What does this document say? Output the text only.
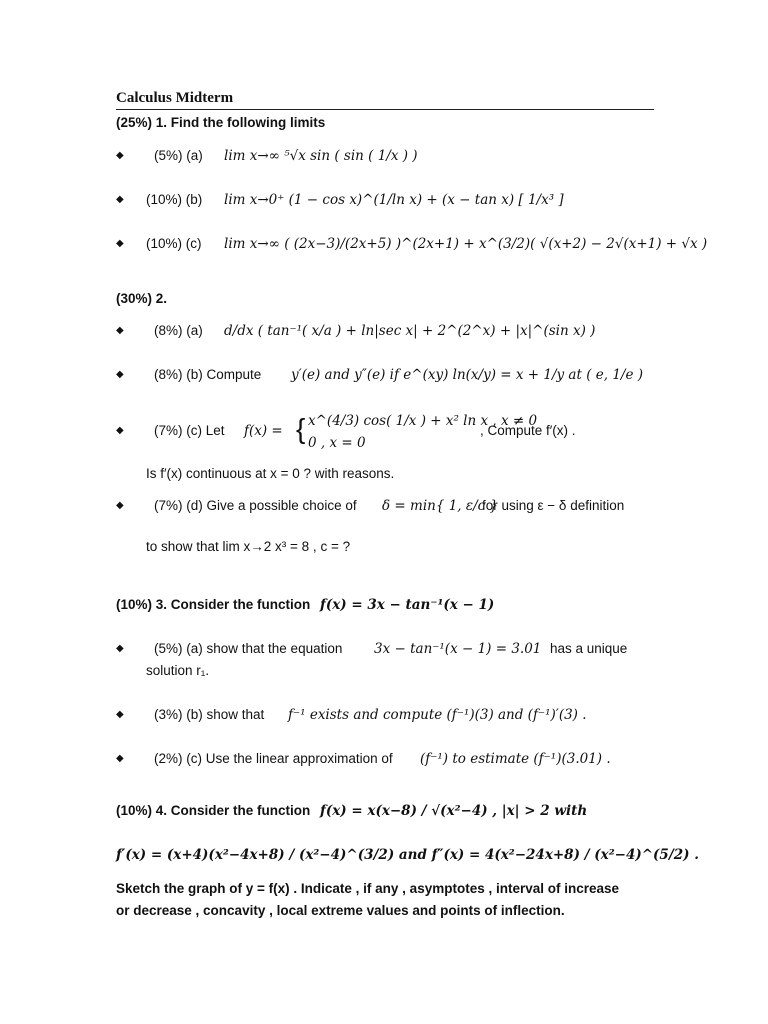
Calculus Midterm
(25%) 1. Find the following limits
◆ (5%) (a) lim x→∞ ⁵√x sin ( sin ( 1/x ) )
◆ (10%) (b) lim x→0⁺ (1 − cos x)^(1/ln x) + (x − tan x) [ 1/x³ ]
◆ (10%) (c) lim x→∞ ( (2x−3)/(2x+5) )^(2x+1) + x^(3/2)( √(x+2) − 2√(x+1) + √x )
(30%) 2.
◆ (8%) (a) d/dx ( tan⁻¹( x/a ) + ln|sec x| + 2^(2^x) + |x|^(sin x) )
◆ (8%) (b) Compute y′(e) and y″(e) if e^(xy) ln(x/y) = x + 1/y at ( e, 1/e )
◆ (7%) (c) Let f(x) = { x^(4/3) cos( 1/x ) + x² ln x , x ≠ 0
0 , x = 0
, Compute f′(x) .
Is f′(x) continuous at x = 0 ? with reasons.
◆ (7%) (d) Give a possible choice of δ = min{ 1, ε/c }
for using ε − δ definition
to show that lim x→2 x³ = 8 , c = ?
(10%) 3. Consider the function f(x) = 3x − tan⁻¹(x − 1)
◆ (5%) (a) show that the equation 3x − tan⁻¹(x − 1) = 3.01 has a unique
solution r₁.
◆ (3%) (b) show that f⁻¹ exists and compute (f⁻¹)(3) and (f⁻¹)′(3) .
◆ (2%) (c) Use the linear approximation of (f⁻¹) to estimate (f⁻¹)(3.01) .
(10%) 4. Consider the function f(x) = x(x−8) / √(x²−4) , |x| > 2 with
f′(x) = (x+4)(x²−4x+8) / (x²−4)^(3/2) and f″(x) = 4(x²−24x+8) / (x²−4)^(5/2) .
Sketch the graph of y = f(x) . Indicate , if any , asymptotes , interval of increase
or decrease , concavity , local extreme values and points of inflection.
